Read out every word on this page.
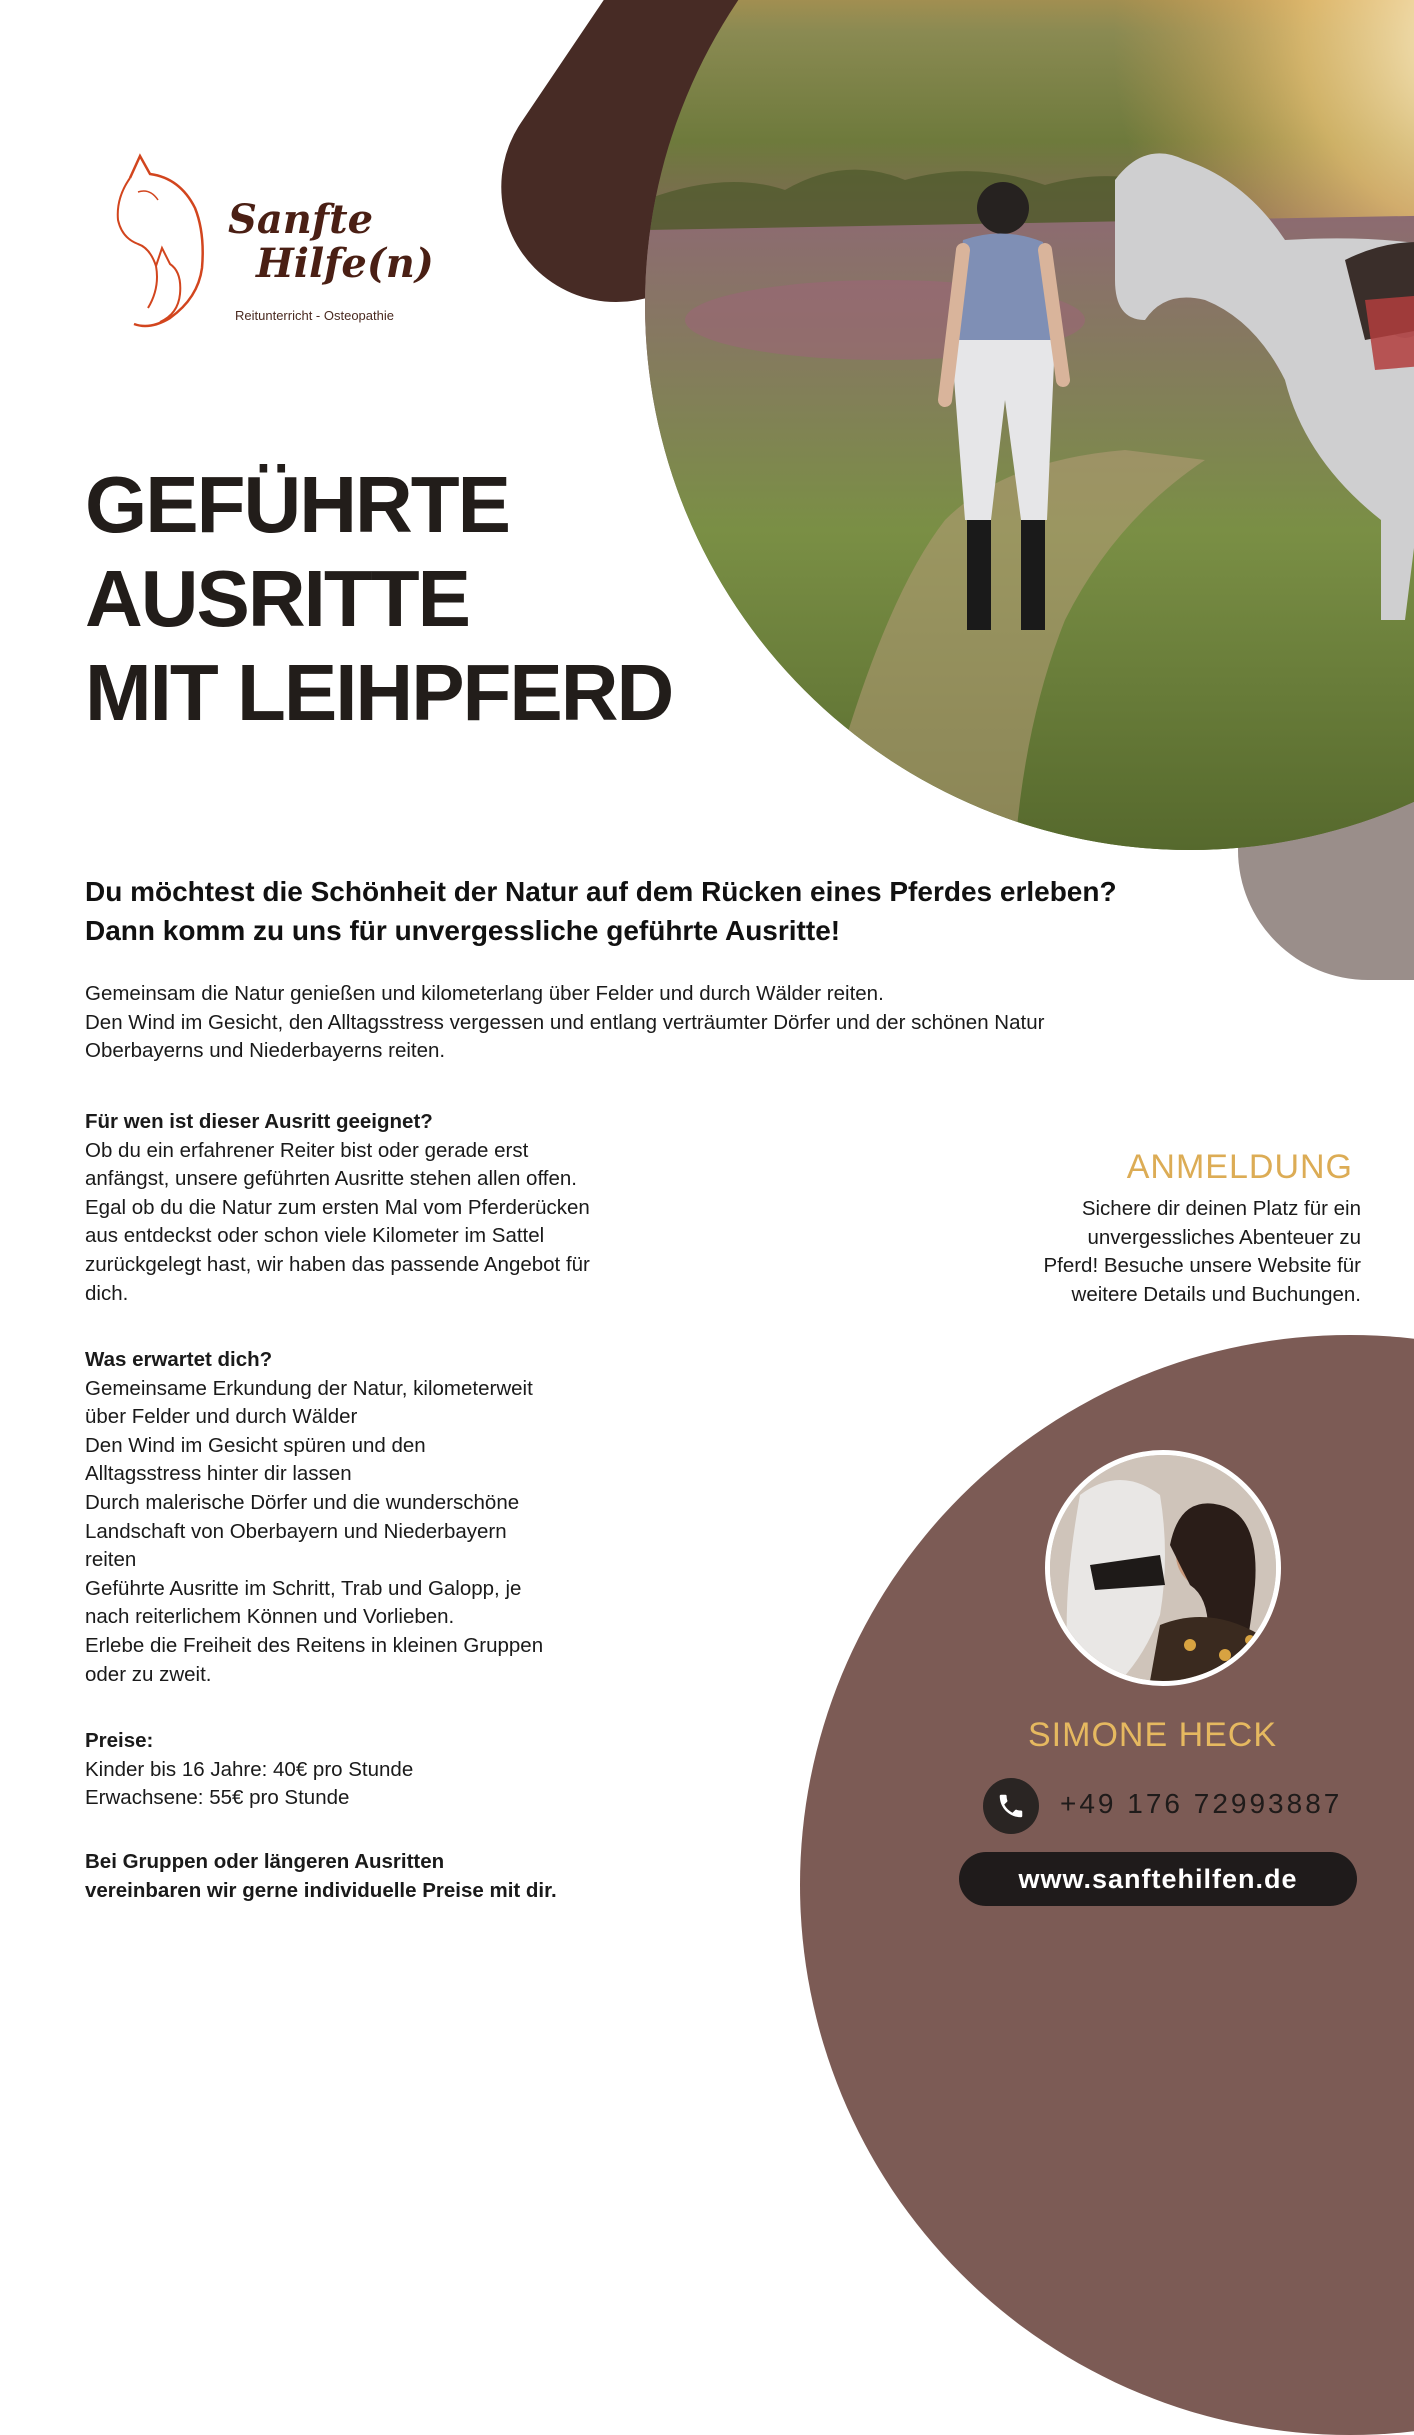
Sanfte
Hilfe(n)
Reitunterricht - Osteopathie
GEFÜHRTE
AUSRITTE
MIT LEIHPFERD

Du möchtest die Schönheit der Natur auf dem Rücken eines Pferdes erleben?
Dann komm zu uns für unvergessliche geführte Ausritte!

Gemeinsam die Natur genießen und kilometerlang über Felder und durch Wälder reiten.
Den Wind im Gesicht, den Alltagsstress vergessen und entlang verträumter Dörfer und der schönen Natur
Oberbayerns und Niederbayerns reiten.

Für wen ist dieser Ausritt geeignet?
Ob du ein erfahrener Reiter bist oder gerade erst
anfängst, unsere geführten Ausritte stehen allen offen.
Egal ob du die Natur zum ersten Mal vom Pferderücken
aus entdeckst oder schon viele Kilometer im Sattel
zurückgelegt hast, wir haben das passende Angebot für
dich.
Was erwartet dich?
Gemeinsame Erkundung der Natur, kilometerweit
über Felder und durch Wälder
Den Wind im Gesicht spüren und den
Alltagsstress hinter dir lassen
Durch malerische Dörfer und die wunderschöne
Landschaft von Oberbayern und Niederbayern
reiten
Geführte Ausritte im Schritt, Trab und Galopp, je
nach reiterlichem Können und Vorlieben.
Erlebe die Freiheit des Reitens in kleinen Gruppen
oder zu zweit.
Preise:
Kinder bis 16 Jahre: 40€ pro Stunde
Erwachsene: 55€ pro Stunde
Bei Gruppen oder längeren Ausritten
vereinbaren wir gerne individuelle Preise mit dir.
ANMELDUNG
Sichere dir deinen Platz für ein
unvergessliches Abenteuer zu
Pferd! Besuche unsere Website für
weitere Details und Buchungen.
SIMONE HECK
+49 176 72993887
www.sanftehilfen.de
